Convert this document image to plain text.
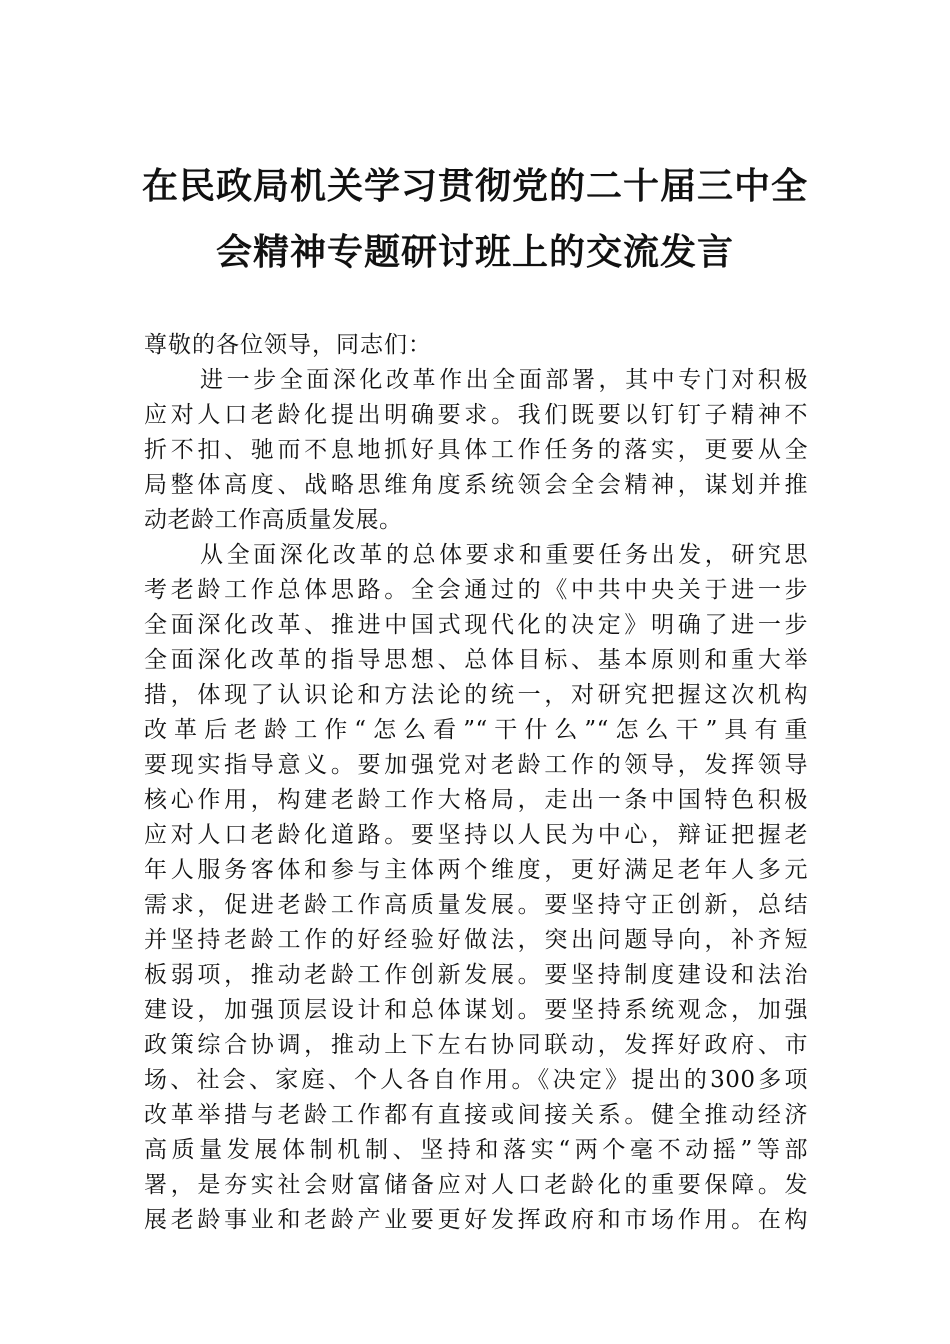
在民政局机关学习贯彻党的二十届三中全
会精神专题研讨班上的交流发言

尊敬的各位领导，同志们：

进一步全面深化改革作出全面部署，其中专门对积极
应对人口老龄化提出明确要求。我们既要以钉钉子精神不
折不扣、驰而不息地抓好具体工作任务的落实，更要从全
局整体高度、战略思维角度系统领会全会精神，谋划并推
动老龄工作高质量发展。

从全面深化改革的总体要求和重要任务出发，研究思
考老龄工作总体思路。全会通过的《中共中央关于进一步
全面深化改革、推进中国式现代化的决定》明确了进一步
全面深化改革的指导思想、总体目标、基本原则和重大举
措，体现了认识论和方法论的统一，对研究把握这次机构
改革后老龄工作“怎么看”“干什么”“怎么干”具有重
要现实指导意义。要加强党对老龄工作的领导，发挥领导
核心作用，构建老龄工作大格局，走出一条中国特色积极
应对人口老龄化道路。要坚持以人民为中心，辩证把握老
年人服务客体和参与主体两个维度，更好满足老年人多元
需求，促进老龄工作高质量发展。要坚持守正创新，总结
并坚持老龄工作的好经验好做法，突出问题导向，补齐短
板弱项，推动老龄工作创新发展。要坚持制度建设和法治
建设，加强顶层设计和总体谋划。要坚持系统观念，加强
政策综合协调，推动上下左右协同联动，发挥好政府、市
场、社会、家庭、个人各自作用。《决定》提出的300多项
改革举措与老龄工作都有直接或间接关系。健全推动经济
高质量发展体制机制、坚持和落实“两个毫不动摇”等部
署，是夯实社会财富储备应对人口老龄化的重要保障。发
展老龄事业和老龄产业要更好发挥政府和市场作用。在构
